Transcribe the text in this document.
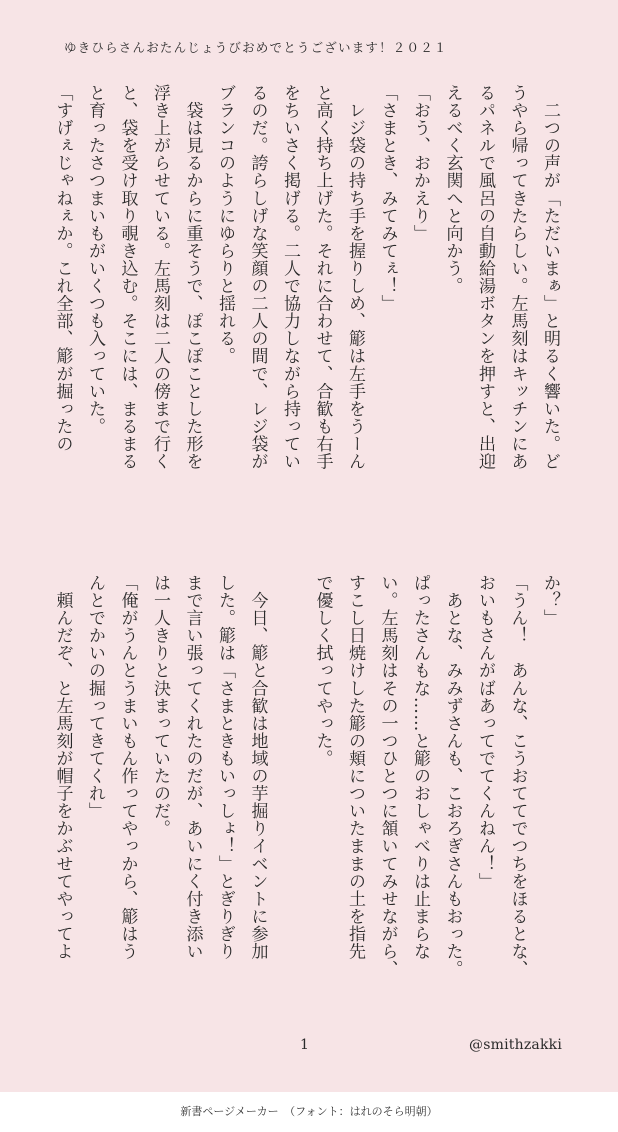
ゆきひらさんおたんじょうびおめでとうございます！２０２１

　二つの声が「ただいまぁ」と明るく響いた。ど

うやら帰ってきたらしい。左馬刻はキッチンにあ

るパネルで風呂の自動給湯ボタンを押すと、出迎

えるべく玄関へと向かう。

「おう、おかえり」

「さまとき、みてみてぇ！」

　レジ袋の持ち手を握りしめ、簓は左手をうーん

と高く持ち上げた。それに合わせて、合歓も右手

をちいさく掲げる。二人で協力しながら持ってい

るのだ。誇らしげな笑顔の二人の間で、レジ袋が

ブランコのようにゆらりと揺れる。

　袋は見るからに重そうで、ぽこぽことした形を

浮き上がらせている。左馬刻は二人の傍まで行く

と、袋を受け取り覗き込む。そこには、まるまる

と育ったさつまいもがいくつも入っていた。

「すげぇじゃねぇか。これ全部、簓が掘ったの

か？」

「うん！　あんな、こうおててでつちをほるとな、

おいもさんがばあってでてくんねん！」

　あとな、みみずさんも、こおろぎさんもおった。

ぱったさんもな……と簓のおしゃべりは止まらな

い。左馬刻はその一つひとつに頷いてみせながら、

すこし日焼けした簓の頬についたままの土を指先

で優しく拭ってやった。

　今日、簓と合歓は地域の芋掘りイベントに参加

した。簓は「さまときもいっしょ！」とぎりぎり

まで言い張ってくれたのだが、あいにく付き添い

は一人きりと決まっていたのだ。

「俺がうんとうまいもん作ってやっから、簓はう

んとでかいの掘ってきてくれ」

　頼んだぞ、と左馬刻が帽子をかぶせてやってよ

1	@smithzakki
新書ページメーカー　（フォント：はれのそら明朝）
